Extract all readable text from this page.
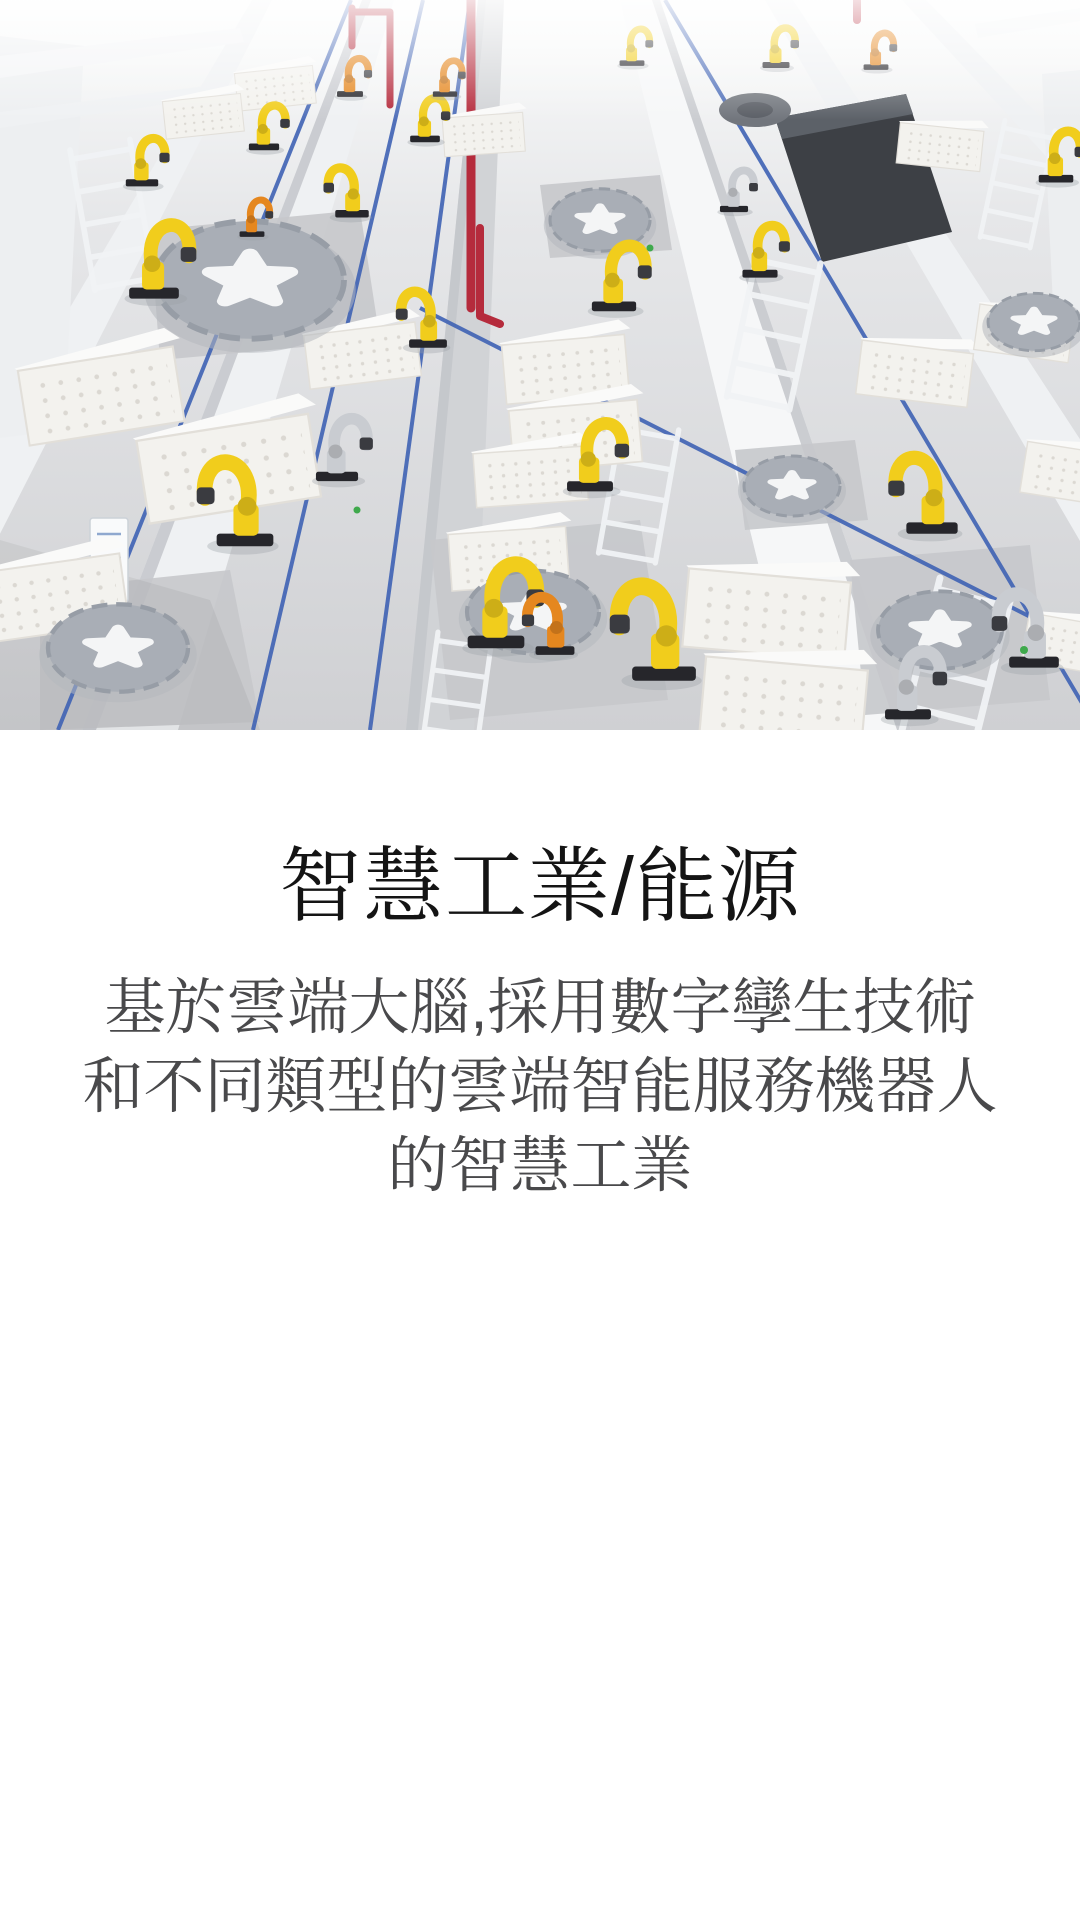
智慧工業/能源
基於雲端大腦,採用數字孿生技術
和不同類型的雲端智能服務機器人
的智慧工業
